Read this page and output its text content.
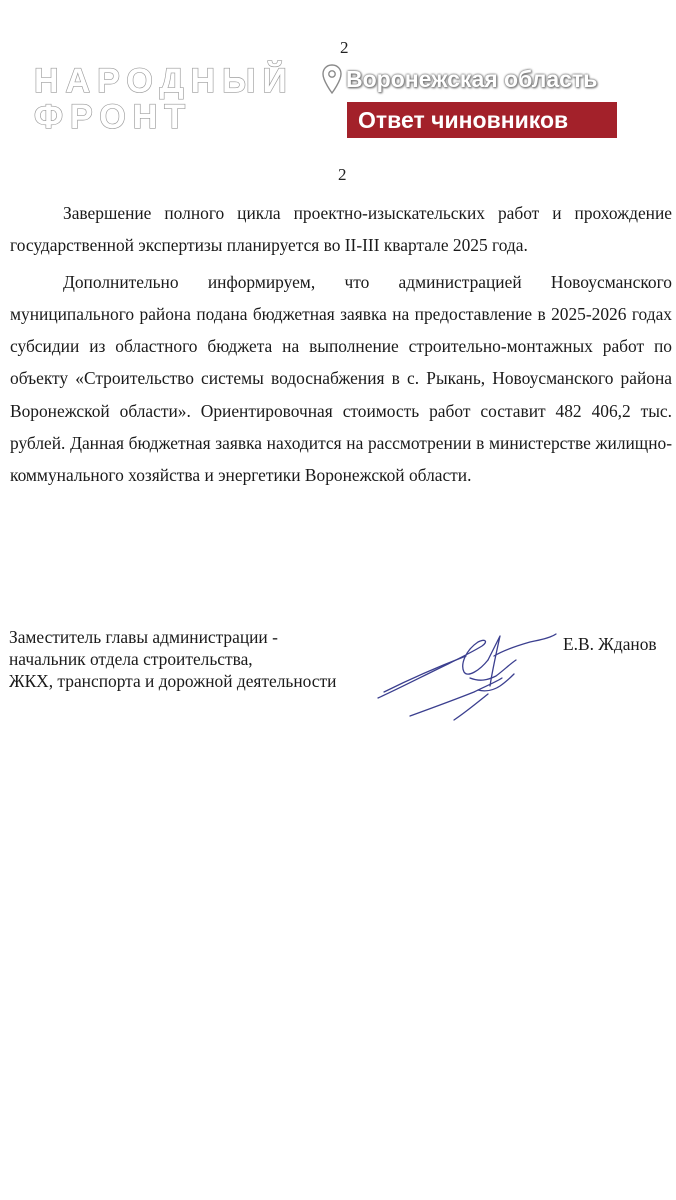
2
НАРОДНЫЙ
ФРОНТ
Воронежская область
Ответ чиновников
2

Завершение полного цикла проектно-изыскательских работ и прохождение государственной экспертизы планируется во II-III квартале 2025 года.

Дополнительно информируем, что администрацией Новоусманского муниципального района подана бюджетная заявка на предоставление в 2025-2026 годах субсидии из областного бюджета на выполнение строительно-монтажных работ по объекту «Строительство системы водоснабжения в с. Рыкань, Новоусманского района Воронежской области». Ориентировочная стоимость работ составит 482 406,2 тыс. рублей. Данная бюджетная заявка находится на рассмотрении в министерстве жилищно-коммунального хозяйства и энергетики Воронежской области.

Заместитель главы администрации -
начальник отдела строительства,
ЖКХ, транспорта и дорожной деятельности
Е.В. Жданов
